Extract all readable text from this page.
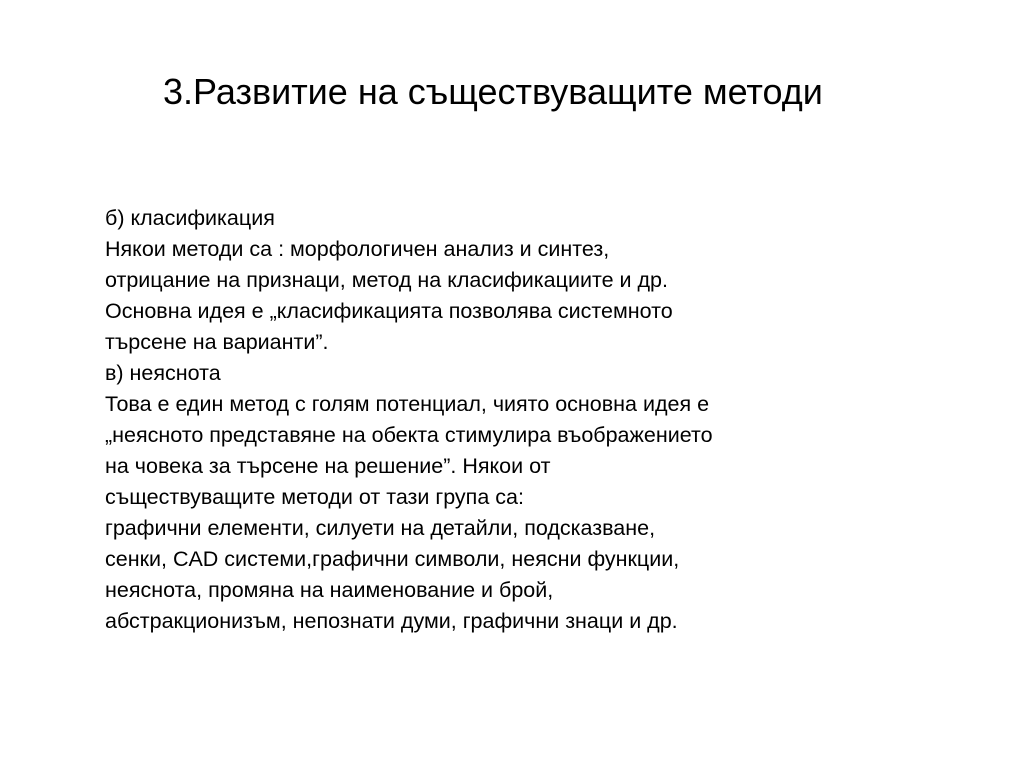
3.Развитие на съществуващите методи
б) класификация
Някои методи са : морфологичен анализ и синтез,
отрицание на признаци, метод на класификациите и др.
Основна идея е „класификацията позволява системното
търсене на варианти”.
в) неяснота
Това е един метод с голям потенциал, чиято основна идея е
„неясното представяне на обекта стимулира въображението
на човека за търсене на решение”. Някои от
съществуващите методи от тази група са:
графични елементи, силуети на детайли, подсказване,
сенки, CAD системи,графични символи, неясни функции,
неяснота, промяна на наименование и брой,
абстракционизъм, непознати думи, графични знаци и др.
